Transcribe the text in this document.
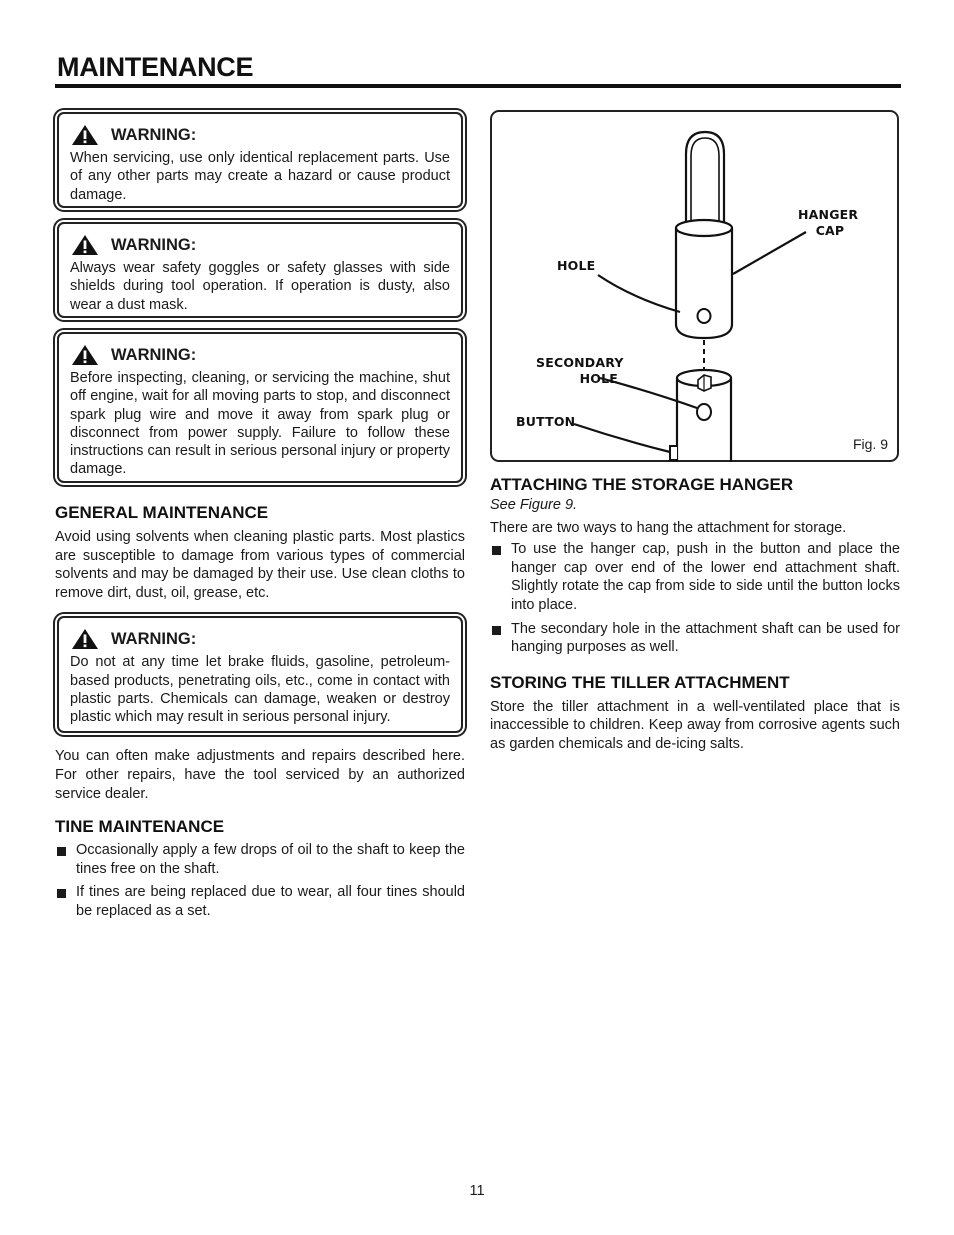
MAINTENANCE
WARNING:
When servicing, use only identical replacement parts. Use of any other parts may create a hazard or cause product damage.
WARNING:
Always wear safety goggles or safety glasses with side shields during tool operation. If operation is dusty, also wear a dust mask.
WARNING:
Before inspecting, cleaning, or servicing the machine, shut off engine, wait for all moving parts to stop, and disconnect spark plug wire and move it away from spark plug or disconnect from power supply. Failure to follow these instructions can result in serious personal injury or property damage.
GENERAL MAINTENANCE
Avoid using solvents when cleaning plastic parts. Most plastics are susceptible to damage from various types of commercial solvents and may be damaged by their use. Use clean cloths to remove dirt, dust, oil, grease, etc.
WARNING:
Do not at any time let brake fluids, gasoline, petroleum-based products, penetrating oils, etc., come in contact with plastic parts. Chemicals can damage, weaken or destroy plastic which may result in serious personal injury.
You can often make adjustments and repairs described here. For other repairs, have the tool serviced by an authorized service dealer.
TINE MAINTENANCE
Occasionally apply a few drops of oil to the shaft to keep the tines free on the shaft.
If tines are being replaced due to wear, all four tines should be replaced as a set.
HANGER
CAP
HOLE
SECONDARY
HOLE
BUTTON
Fig. 9
ATTACHING THE STORAGE HANGER
See Figure 9.
There are two ways to hang the attachment for storage.
To use the hanger cap, push in the button and place the hanger cap over end of the lower end attachment shaft. Slightly rotate the cap from side to side until the button locks into place.
The secondary hole in the attachment shaft can be used for hanging purposes as well.
STORING THE TILLER ATTACHMENT
Store the tiller attachment in a well-ventilated place that is inaccessible to children. Keep away from corrosive agents such as garden chemicals and de-icing salts.
11
